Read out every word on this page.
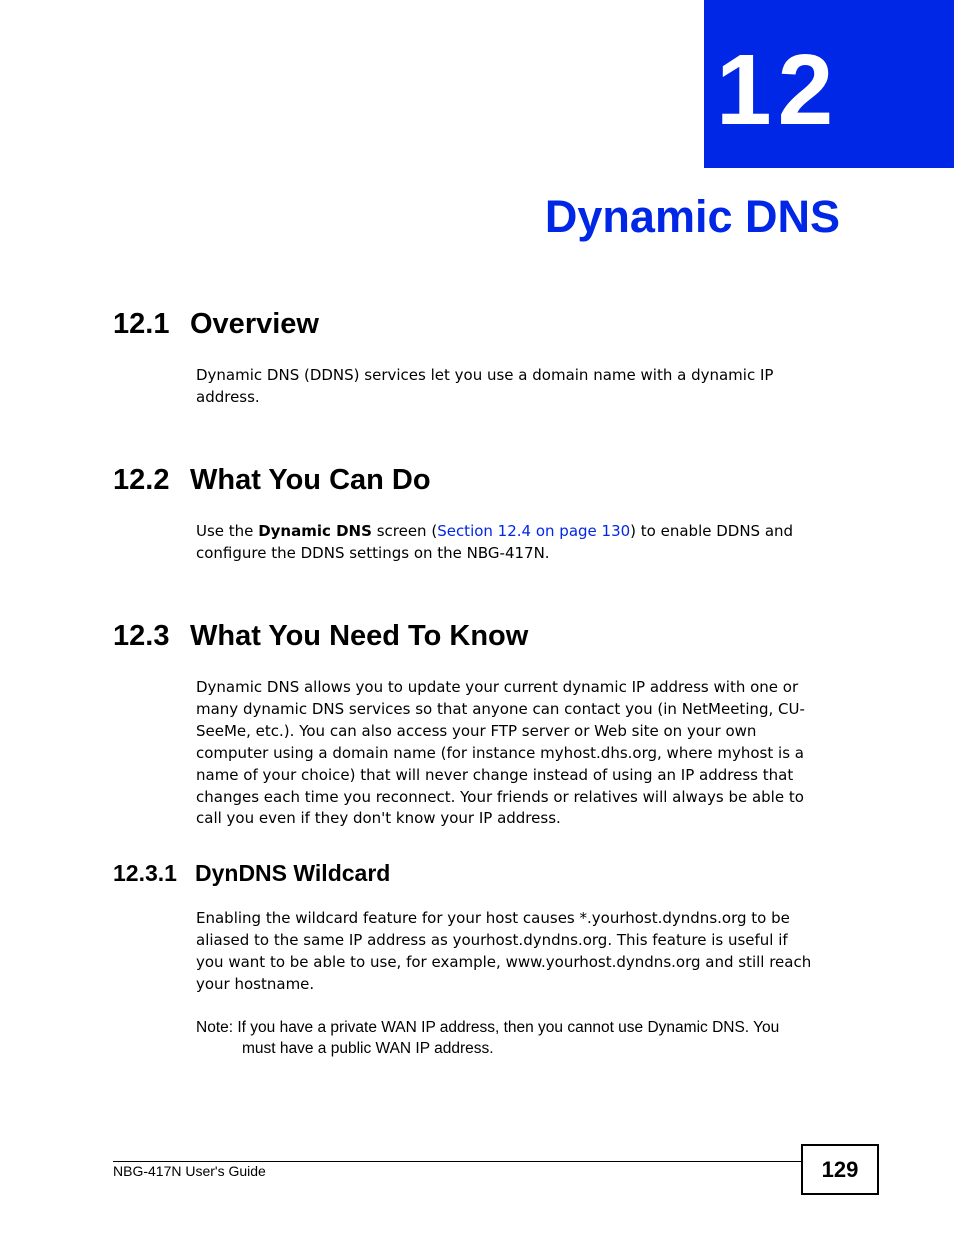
12
Dynamic DNS
12.1 Overview

Dynamic DNS (DDNS) services let you use a domain name with a dynamic IP
address.

12.2 What You Can Do

Use the Dynamic DNS screen (Section 12.4 on page 130) to enable DDNS and
configure the DDNS settings on the NBG-417N.

12.3 What You Need To Know

Dynamic DNS allows you to update your current dynamic IP address with one or
many dynamic DNS services so that anyone can contact you (in NetMeeting, CU-
SeeMe, etc.). You can also access your FTP server or Web site on your own
computer using a domain name (for instance myhost.dhs.org, where myhost is a
name of your choice) that will never change instead of using an IP address that
changes each time you reconnect. Your friends or relatives will always be able to
call you even if they don't know your IP address.

12.3.1 DynDNS Wildcard

Enabling the wildcard feature for your host causes *.yourhost.dyndns.org to be
aliased to the same IP address as yourhost.dyndns.org. This feature is useful if
you want to be able to use, for example, www.yourhost.dyndns.org and still reach
your hostname.

Note: If you have a private WAN IP address, then you cannot use Dynamic DNS. You
must have a public WAN IP address.
NBG-417N User's Guide	129
